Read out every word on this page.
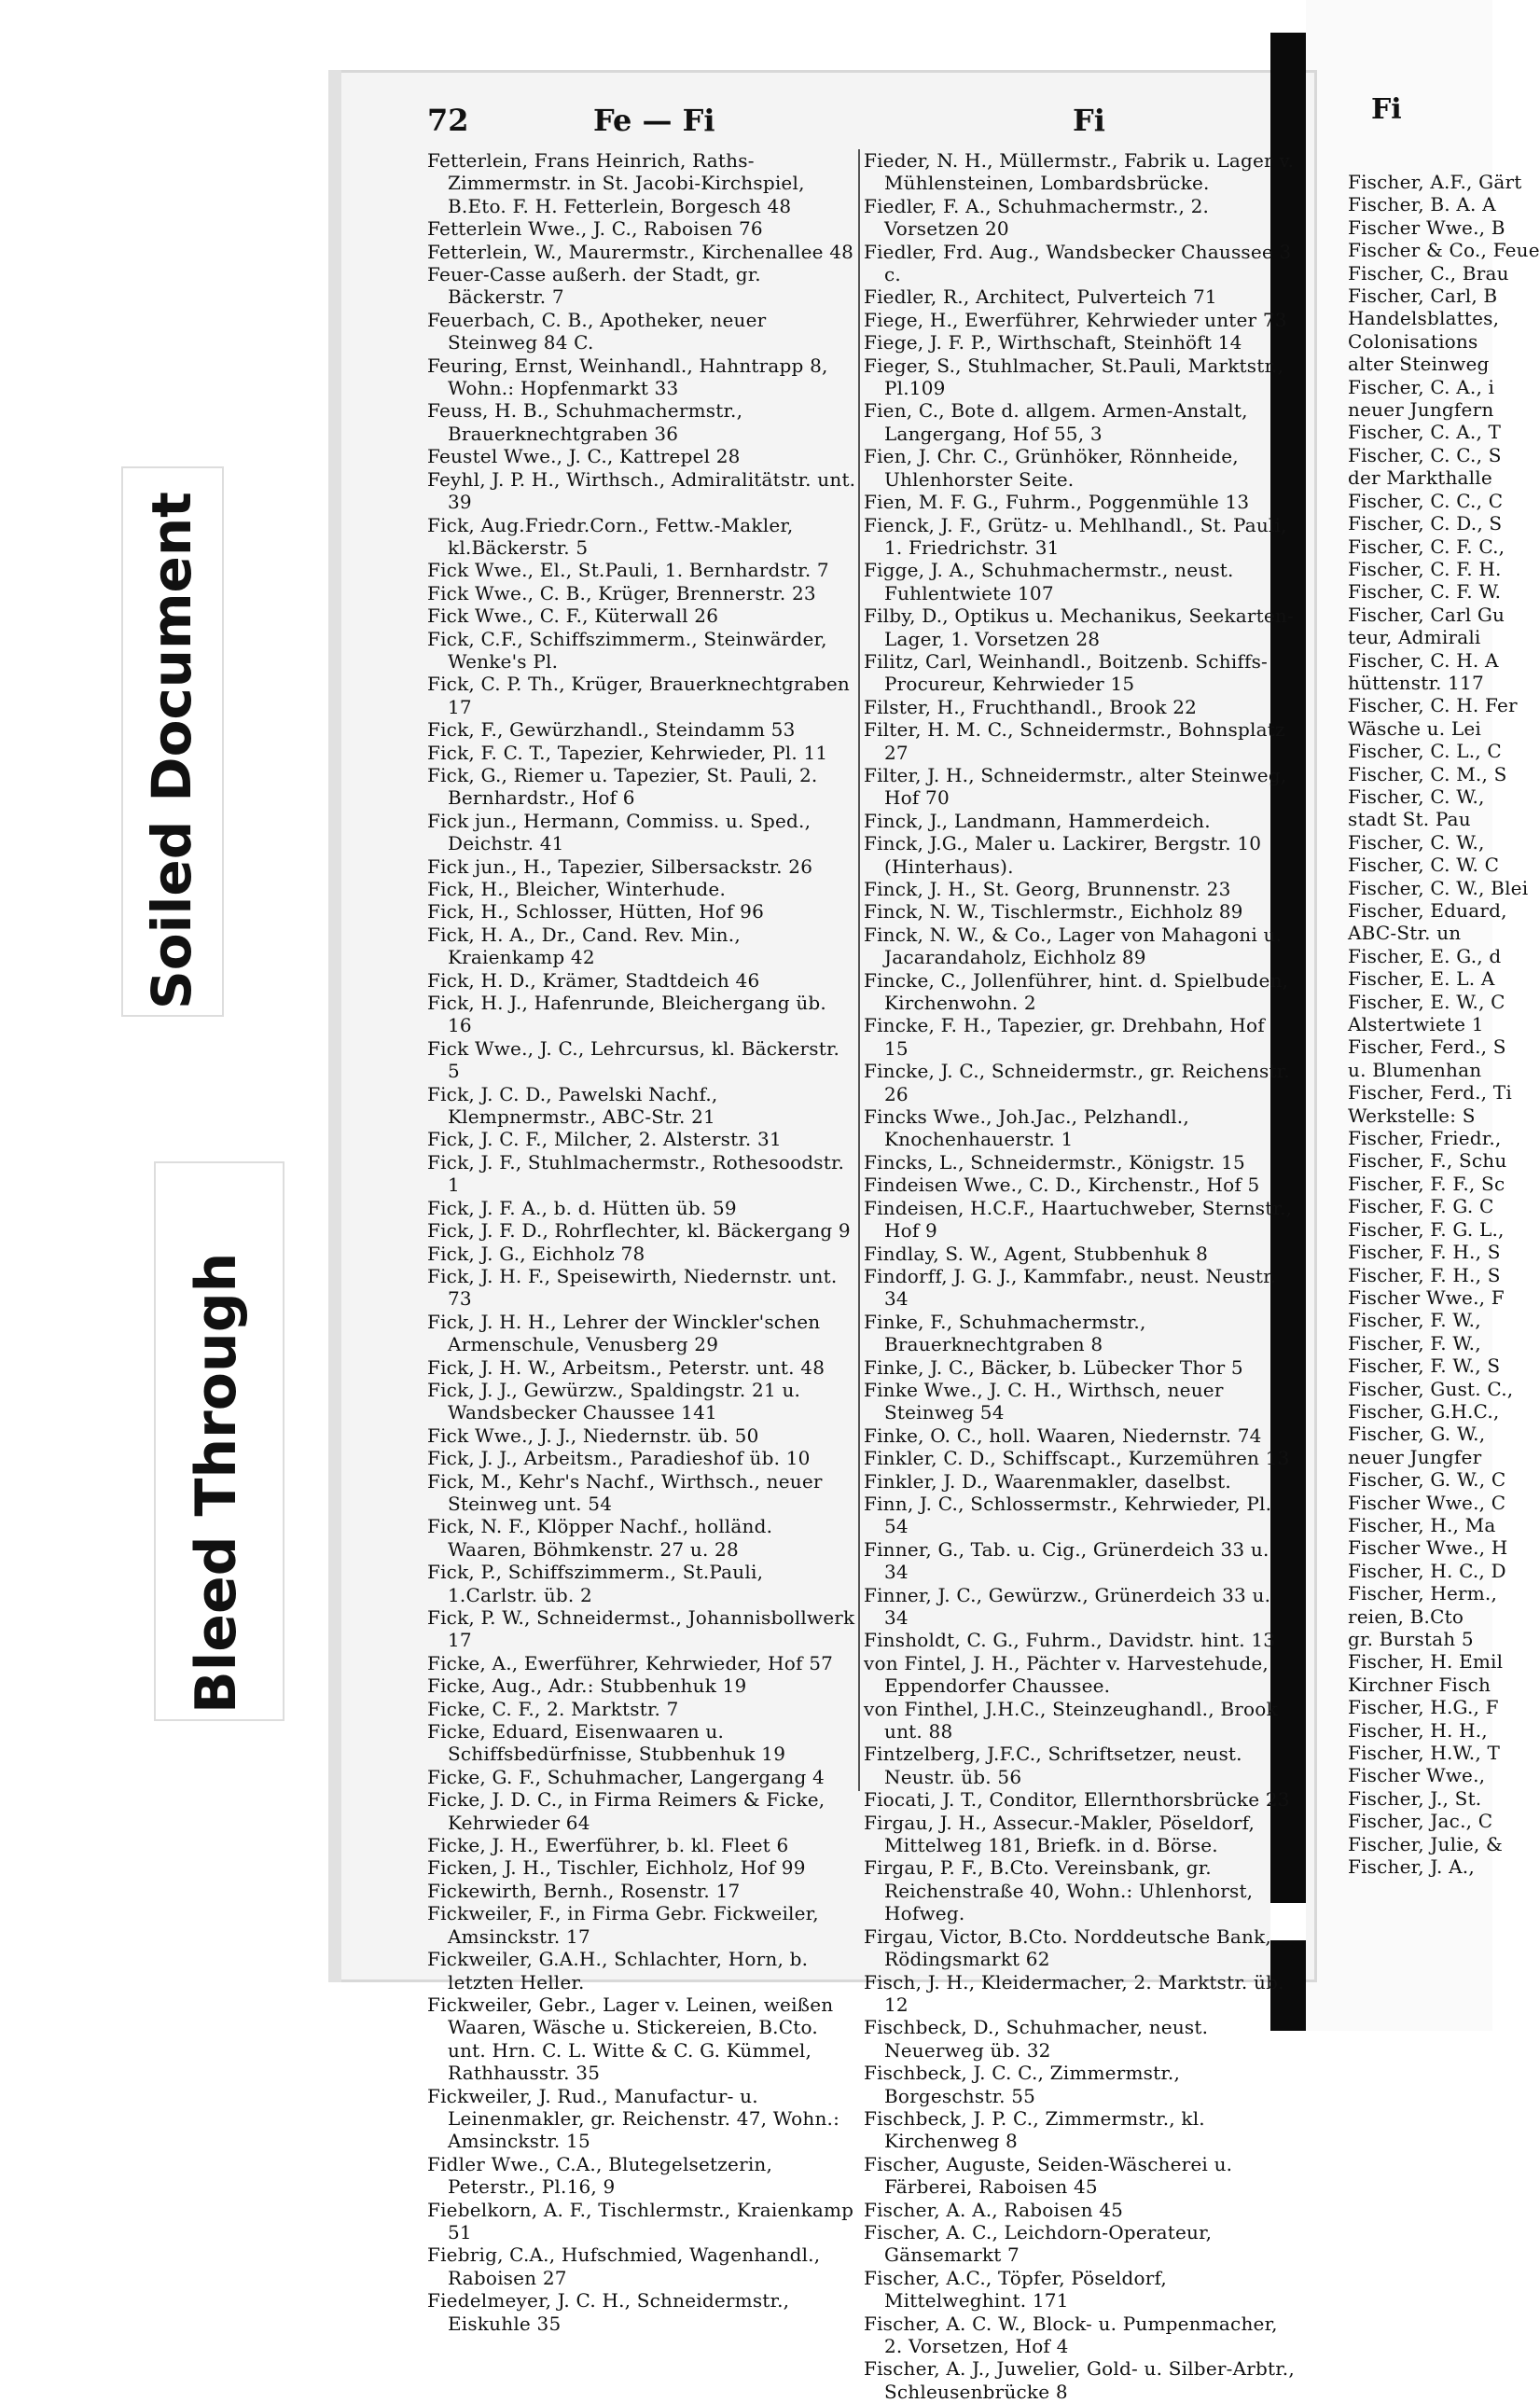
Soiled Document
Bleed Through
72	Fe — Fi	Fi	Fi
Fetterlein, Frans Heinrich, Raths-Zimmermstr. in St. Jacobi-Kirchspiel, B.Eto. F. H. Fetterlein, Borgesch 48
Fetterlein Wwe., J. C., Raboisen 76
Fetterlein, W., Maurermstr., Kirchenallee 48
Feuer-Casse außerh. der Stadt, gr. Bäckerstr. 7
Feuerbach, C. B., Apotheker, neuer Steinweg 84 C.
Feuring, Ernst, Weinhandl., Hahntrapp 8, Wohn.: Hopfenmarkt 33
Feuss, H. B., Schuhmachermstr., Brauerknechtgraben 36
Feustel Wwe., J. C., Kattrepel 28
Feyhl, J. P. H., Wirthsch., Admiralitätstr. unt. 39
Fick, Aug.Friedr.Corn., Fettw.-Makler, kl.Bäckerstr. 5
Fick Wwe., El., St.Pauli, 1. Bernhardstr. 7
Fick Wwe., C. B., Krüger, Brennerstr. 23
Fick Wwe., C. F., Küterwall 26
Fick, C.F., Schiffszimmerm., Steinwärder, Wenke's Pl.
Fick, C. P. Th., Krüger, Brauerknechtgraben 17
Fick, F., Gewürzhandl., Steindamm 53
Fick, F. C. T., Tapezier, Kehrwieder, Pl. 11
Fick, G., Riemer u. Tapezier, St. Pauli, 2. Bernhardstr., Hof 6
Fick jun., Hermann, Commiss. u. Sped., Deichstr. 41
Fick jun., H., Tapezier, Silbersackstr. 26
Fick, H., Bleicher, Winterhude.
Fick, H., Schlosser, Hütten, Hof 96
Fick, H. A., Dr., Cand. Rev. Min., Kraienkamp 42
Fick, H. D., Krämer, Stadtdeich 46
Fick, H. J., Hafenrunde, Bleichergang üb. 16
Fick Wwe., J. C., Lehrcursus, kl. Bäckerstr. 5
Fick, J. C. D., Pawelski Nachf., Klempnermstr., ABC-Str. 21
Fick, J. C. F., Milcher, 2. Alsterstr. 31
Fick, J. F., Stuhlmachermstr., Rothesoodstr. 1
Fick, J. F. A., b. d. Hütten üb. 59
Fick, J. F. D., Rohrflechter, kl. Bäckergang 9
Fick, J. G., Eichholz 78
Fick, J. H. F., Speisewirth, Niedernstr. unt. 73
Fick, J. H. H., Lehrer der Winckler'schen Armenschule, Venusberg 29
Fick, J. H. W., Arbeitsm., Peterstr. unt. 48
Fick, J. J., Gewürzw., Spaldingstr. 21 u. Wandsbecker Chaussee 141
Fick Wwe., J. J., Niedernstr. üb. 50
Fick, J. J., Arbeitsm., Paradieshof üb. 10
Fick, M., Kehr's Nachf., Wirthsch., neuer Steinweg unt. 54
Fick, N. F., Klöpper Nachf., holländ. Waaren, Böhmkenstr. 27 u. 28
Fick, P., Schiffszimmerm., St.Pauli, 1.Carlstr. üb. 2
Fick, P. W., Schneidermst., Johannisbollwerk 17
Ficke, A., Ewerführer, Kehrwieder, Hof 57
Ficke, Aug., Adr.: Stubbenhuk 19
Ficke, C. F., 2. Marktstr. 7
Ficke, Eduard, Eisenwaaren u. Schiffsbedürfnisse, Stubbenhuk 19
Ficke, G. F., Schuhmacher, Langergang 4
Ficke, J. D. C., in Firma Reimers & Ficke, Kehrwieder 64
Ficke, J. H., Ewerführer, b. kl. Fleet 6
Ficken, J. H., Tischler, Eichholz, Hof 99
Fickewirth, Bernh., Rosenstr. 17
Fickweiler, F., in Firma Gebr. Fickweiler, Amsinckstr. 17
Fickweiler, G.A.H., Schlachter, Horn, b. letzten Heller.
Fickweiler, Gebr., Lager v. Leinen, weißen Waaren, Wäsche u. Stickereien, B.Cto. unt. Hrn. C. L. Witte & C. G. Kümmel, Rathhausstr. 35
Fickweiler, J. Rud., Manufactur- u. Leinenmakler, gr. Reichenstr. 47, Wohn.: Amsinckstr. 15
Fidler Wwe., C.A., Blutegelsetzerin, Peterstr., Pl.16, 9
Fiebelkorn, A. F., Tischlermstr., Kraienkamp 51
Fiebrig, C.A., Hufschmied, Wagenhandl., Raboisen 27
Fiedelmeyer, J. C. H., Schneidermstr., Eiskuhle 35
Fieder, N. H., Müllermstr., Fabrik u. Lager v. Mühlensteinen, Lombardsbrücke.
Fiedler, F. A., Schuhmachermstr., 2. Vorsetzen 20
Fiedler, Frd. Aug., Wandsbecker Chaussee 3 c.
Fiedler, R., Architect, Pulverteich 71
Fiege, H., Ewerführer, Kehrwieder unter 73
Fiege, J. F. P., Wirthschaft, Steinhöft 14
Fieger, S., Stuhlmacher, St.Pauli, Marktstr., Pl.109
Fien, C., Bote d. allgem. Armen-Anstalt, Langergang, Hof 55, 3
Fien, J. Chr. C., Grünhöker, Rönnheide, Uhlenhorster Seite.
Fien, M. F. G., Fuhrm., Poggenmühle 13
Fienck, J. F., Grütz- u. Mehlhandl., St. Pauli, 1. Friedrichstr. 31
Figge, J. A., Schuhmachermstr., neust. Fuhlentwiete 107
Filby, D., Optikus u. Mechanikus, Seekarten-Lager, 1. Vorsetzen 28
Filitz, Carl, Weinhandl., Boitzenb. Schiffs-Procureur, Kehrwieder 15
Filster, H., Fruchthandl., Brook 22
Filter, H. M. C., Schneidermstr., Bohnsplatz 27
Filter, J. H., Schneidermstr., alter Steinweg, Hof 70
Finck, J., Landmann, Hammerdeich.
Finck, J.G., Maler u. Lackirer, Bergstr. 10 (Hinterhaus).
Finck, J. H., St. Georg, Brunnenstr. 23
Finck, N. W., Tischlermstr., Eichholz 89
Finck, N. W., & Co., Lager von Mahagoni u. Jacarandaholz, Eichholz 89
Fincke, C., Jollenführer, hint. d. Spielbuden, Kirchenwohn. 2
Fincke, F. H., Tapezier, gr. Drehbahn, Hof 15
Fincke, J. C., Schneidermstr., gr. Reichenstr. 26
Fincks Wwe., Joh.Jac., Pelzhandl., Knochenhauerstr. 1
Fincks, L., Schneidermstr., Königstr. 15
Findeisen Wwe., C. D., Kirchenstr., Hof 5
Findeisen, H.C.F., Haartuchweber, Sternstr., Hof 9
Findlay, S. W., Agent, Stubbenhuk 8
Findorff, J. G. J., Kammfabr., neust. Neustr. 34
Finke, F., Schuhmachermstr., Brauerknechtgraben 8
Finke, J. C., Bäcker, b. Lübecker Thor 5
Finke Wwe., J. C. H., Wirthsch, neuer Steinweg 54
Finke, O. C., holl. Waaren, Niedernstr. 74
Finkler, C. D., Schiffscapt., Kurzemühren 13
Finkler, J. D., Waarenmakler, daselbst.
Finn, J. C., Schlossermstr., Kehrwieder, Pl. 54
Finner, G., Tab. u. Cig., Grünerdeich 33 u. 34
Finner, J. C., Gewürzw., Grünerdeich 33 u. 34
Finsholdt, C. G., Fuhrm., Davidstr. hint. 13
von Fintel, J. H., Pächter v. Harvestehude, Eppendorfer Chaussee.
von Finthel, J.H.C., Steinzeughandl., Brook unt. 88
Fintzelberg, J.F.C., Schriftsetzer, neust. Neustr. üb. 56
Fiocati, J. T., Conditor, Ellernthorsbrücke 23
Firgau, J. H., Assecur.-Makler, Pöseldorf, Mittelweg 181, Briefk. in d. Börse.
Firgau, P. F., B.Cto. Vereinsbank, gr. Reichenstraße 40, Wohn.: Uhlenhorst, Hofweg.
Firgau, Victor, B.Cto. Norddeutsche Bank, Rödingsmarkt 62
Fisch, J. H., Kleidermacher, 2. Marktstr. üb. 12
Fischbeck, D., Schuhmacher, neust. Neuerweg üb. 32
Fischbeck, J. C. C., Zimmermstr., Borgeschstr. 55
Fischbeck, J. P. C., Zimmermstr., kl. Kirchenweg 8
Fischer, Auguste, Seiden-Wäscherei u. Färberei, Raboisen 45
Fischer, A. A., Raboisen 45
Fischer, A. C., Leichdorn-Operateur, Gänsemarkt 7
Fischer, A.C., Töpfer, Pöseldorf, Mittelweghint. 171
Fischer, A. C. W., Block- u. Pumpenmacher, 2. Vorsetzen, Hof 4
Fischer, A. J., Juwelier, Gold- u. Silber-Arbtr., Schleusenbrücke 8
Fischer, A.F., Gärt
Fischer, B. A. A
Fischer Wwe., B
Fischer & Co., Feue
Fischer, C., Brau
Fischer, Carl, B
Handelsblattes,
Colonisations
alter Steinweg
Fischer, C. A., i
neuer Jungfern
Fischer, C. A., T
Fischer, C. C., S
der Markthalle
Fischer, C. C., C
Fischer, C. D., S
Fischer, C. F. C.,
Fischer, C. F. H.
Fischer, C. F. W.
Fischer, Carl Gu
teur, Admirali
Fischer, C. H. A
hüttenstr. 117
Fischer, C. H. Fer
Wäsche u. Lei
Fischer, C. L., C
Fischer, C. M., S
Fischer, C. W.,
stadt St. Pau
Fischer, C. W.,
Fischer, C. W. C
Fischer, C. W., Blei
Fischer, Eduard,
ABC-Str. un
Fischer, E. G., d
Fischer, E. L. A
Fischer, E. W., C
Alstertwiete 1
Fischer, Ferd., S
u. Blumenhan
Fischer, Ferd., Ti
Werkstelle: S
Fischer, Friedr.,
Fischer, F., Schu
Fischer, F. F., Sc
Fischer, F. G. C
Fischer, F. G. L.,
Fischer, F. H., S
Fischer, F. H., S
Fischer Wwe., F
Fischer, F. W.,
Fischer, F. W.,
Fischer, F. W., S
Fischer, Gust. C.,
Fischer, G.H.C.,
Fischer, G. W.,
neuer Jungfer
Fischer, G. W., C
Fischer Wwe., C
Fischer, H., Ma
Fischer Wwe., H
Fischer, H. C., D
Fischer, Herm.,
reien, B.Cto
gr. Burstah 5
Fischer, H. Emil
Kirchner Fisch
Fischer, H.G., F
Fischer, H. H.,
Fischer, H.W., T
Fischer Wwe.,
Fischer, J., St.
Fischer, Jac., C
Fischer, Julie, &
Fischer, J. A.,
